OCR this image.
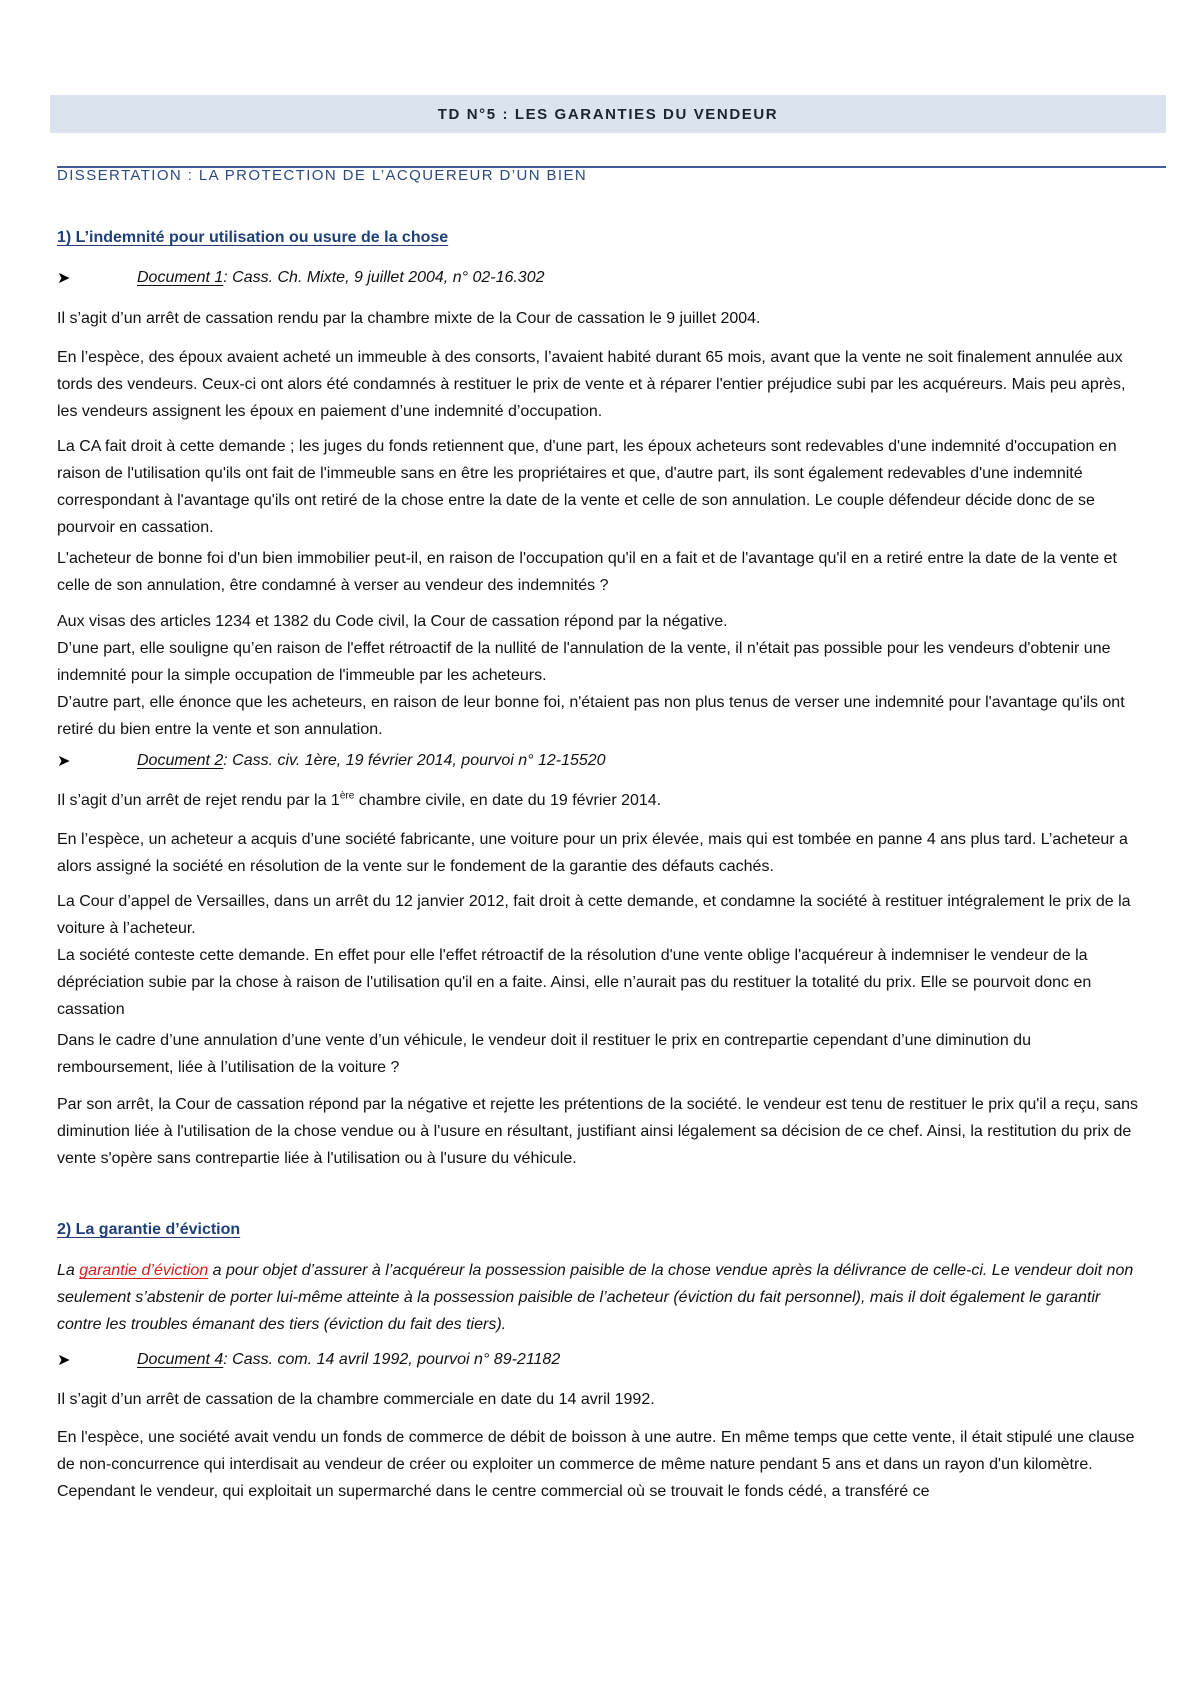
TD N°5 : LES GARANTIES DU VENDEUR
DISSERTATION : LA PROTECTION DE L’ACQUEREUR D’UN BIEN
1) L’indemnité pour utilisation ou usure de la chose
➤	Document 1 : Cass. Ch. Mixte, 9 juillet 2004, n° 02-16.302

Il s’agit d’un arrêt de cassation rendu par la chambre mixte de la Cour de cassation le 9 juillet 2004.

En l’espèce, des époux avaient acheté un immeuble à des consorts, l’avaient habité durant 65 mois, avant que la vente ne soit finalement annulée aux tords des vendeurs. Ceux-ci ont alors été condamnés à restituer le prix de vente et à réparer l'entier préjudice subi par les acquéreurs. Mais peu après, les vendeurs assignent les époux en paiement d’une indemnité d’occupation.

La CA fait droit à cette demande ; les juges du fonds retiennent que, d'une part, les époux acheteurs sont redevables d'une indemnité d'occupation en raison de l'utilisation qu'ils ont fait de l'immeuble sans en être les propriétaires et que, d'autre part, ils sont également redevables d'une indemnité correspondant à l'avantage qu'ils ont retiré de la chose entre la date de la vente et celle de son annulation. Le couple défendeur décide donc de se pourvoir en cassation.

L'acheteur de bonne foi d'un bien immobilier peut-il, en raison de l'occupation qu'il en a fait et de l'avantage qu'il en a retiré entre la date de la vente et celle de son annulation, être condamné à verser au vendeur des indemnités ?

Aux visas des articles 1234 et 1382 du Code civil, la Cour de cassation répond par la négative.
D’une part, elle souligne qu’en raison de l'effet rétroactif de la nullité de l'annulation de la vente, il n'était pas possible pour les vendeurs d'obtenir une indemnité pour la simple occupation de l'immeuble par les acheteurs.
D’autre part, elle énonce que les acheteurs, en raison de leur bonne foi, n'étaient pas non plus tenus de verser une indemnité pour l'avantage qu'ils ont retiré du bien entre la vente et son annulation.
➤	Document 2 : Cass. civ. 1ère, 19 février 2014, pourvoi n° 12-15520

Il s’agit d’un arrêt de rejet rendu par la 1ère chambre civile, en date du 19 février 2014.

En l’espèce, un acheteur a acquis d’une société fabricante, une voiture pour un prix élevée, mais qui est tombée en panne 4 ans plus tard. L’acheteur a alors assigné la société en résolution de la vente sur le fondement de la garantie des défauts cachés.

La Cour d’appel de Versailles, dans un arrêt du 12 janvier 2012, fait droit à cette demande, et condamne la société à restituer intégralement le prix de la voiture à l’acheteur.
La société conteste cette demande. En effet pour elle l'effet rétroactif de la résolution d'une vente oblige l'acquéreur à indemniser le vendeur de la dépréciation subie par la chose à raison de l'utilisation qu'il en a faite. Ainsi, elle n’aurait pas du restituer la totalité du prix. Elle se pourvoit donc en cassation

Dans le cadre d’une annulation d’une vente d’un véhicule, le vendeur doit il restituer le prix en contrepartie cependant d’une diminution du remboursement, liée à l’utilisation de la voiture ?

Par son arrêt, la Cour de cassation répond par la négative et rejette les prétentions de la société. le vendeur est tenu de restituer le prix qu'il a reçu, sans diminution liée à l'utilisation de la chose vendue ou à l'usure en résultant, justifiant ainsi légalement sa décision de ce chef. Ainsi, la restitution du prix de vente s'opère sans contrepartie liée à l'utilisation ou à l'usure du véhicule.

2) La garantie d’éviction

La garantie d’éviction a pour objet d’assurer à l’acquéreur la possession paisible de la chose vendue après la délivrance de celle-ci. Le vendeur doit non seulement s’abstenir de porter lui-même atteinte à la possession paisible de l’acheteur (éviction du fait personnel), mais il doit également le garantir contre les troubles émanant des tiers (éviction du fait des tiers).

➤	Document 4 : Cass. com. 14 avril 1992, pourvoi n° 89-21182

Il s’agit d’un arrêt de cassation de la chambre commerciale en date du 14 avril 1992.

En l'espèce, une société avait vendu un fonds de commerce de débit de boisson à une autre. En même temps que cette vente, il était stipulé une clause de non-concurrence qui interdisait au vendeur de créer ou exploiter un commerce de même nature pendant 5 ans et dans un rayon d'un kilomètre.
Cependant le vendeur, qui exploitait un supermarché dans le centre commercial où se trouvait le fonds cédé, a transféré ce
